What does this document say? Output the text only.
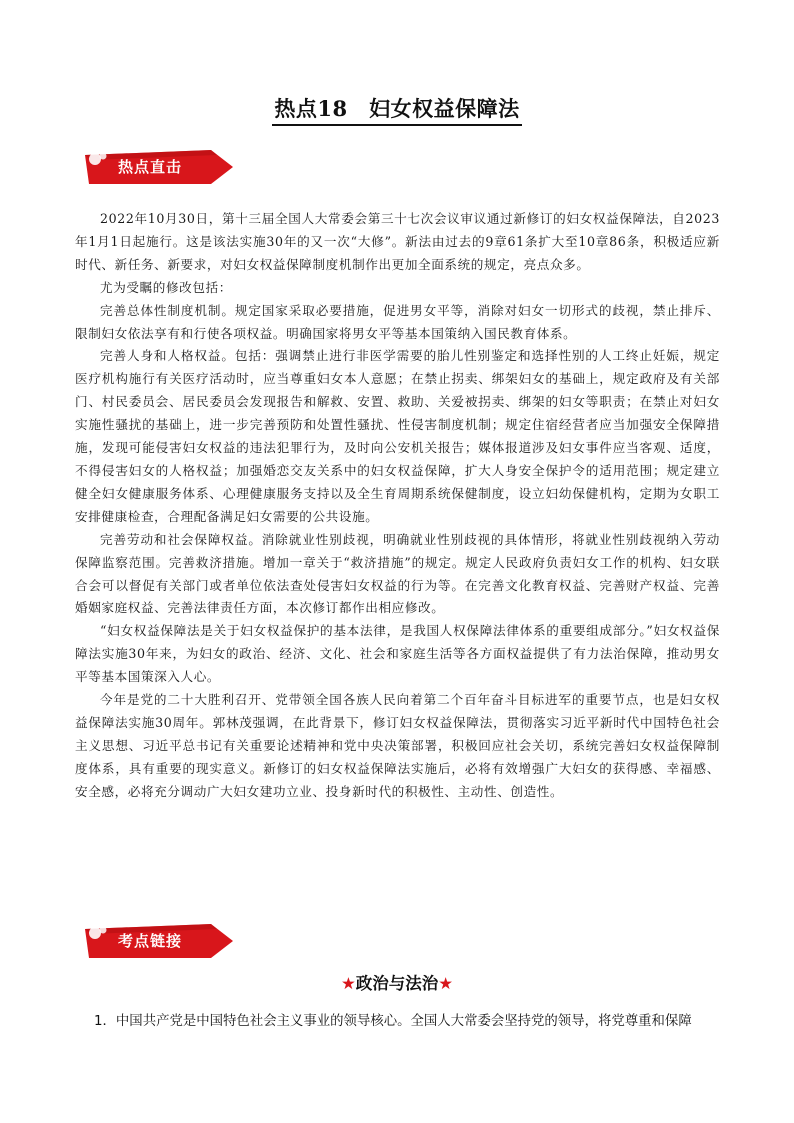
热点18　妇女权益保障法
热点直击

2022年10月30日，第十三届全国人大常委会第三十七次会议审议通过新修订的妇女权益保障法，自2023年1月1日起施行。这是该法实施30年的又一次“大修”。新法由过去的9章61条扩大至10章86条，积极适应新时代、新任务、新要求，对妇女权益保障制度机制作出更加全面系统的规定，亮点众多。

尤为受瞩的修改包括：

完善总体性制度机制。规定国家采取必要措施，促进男女平等，消除对妇女一切形式的歧视，禁止排斥、限制妇女依法享有和行使各项权益。明确国家将男女平等基本国策纳入国民教育体系。

完善人身和人格权益。包括：强调禁止进行非医学需要的胎儿性别鉴定和选择性别的人工终止妊娠，规定医疗机构施行有关医疗活动时，应当尊重妇女本人意愿；在禁止拐卖、绑架妇女的基础上，规定政府及有关部门、村民委员会、居民委员会发现报告和解救、安置、救助、关爱被拐卖、绑架的妇女等职责；在禁止对妇女实施性骚扰的基础上，进一步完善预防和处置性骚扰、性侵害制度机制；规定住宿经营者应当加强安全保障措施，发现可能侵害妇女权益的违法犯罪行为，及时向公安机关报告；媒体报道涉及妇女事件应当客观、适度，不得侵害妇女的人格权益；加强婚恋交友关系中的妇女权益保障，扩大人身安全保护令的适用范围；规定建立健全妇女健康服务体系、心理健康服务支持以及全生育周期系统保健制度，设立妇幼保健机构，定期为女职工安排健康检查，合理配备满足妇女需要的公共设施。

完善劳动和社会保障权益。消除就业性别歧视，明确就业性别歧视的具体情形，将就业性别歧视纳入劳动保障监察范围。完善救济措施。增加一章关于“救济措施”的规定。规定人民政府负责妇女工作的机构、妇女联合会可以督促有关部门或者单位依法查处侵害妇女权益的行为等。在完善文化教育权益、完善财产权益、完善婚姻家庭权益、完善法律责任方面，本次修订都作出相应修改。

“妇女权益保障法是关于妇女权益保护的基本法律，是我国人权保障法律体系的重要组成部分。”妇女权益保障法实施30年来，为妇女的政治、经济、文化、社会和家庭生活等各方面权益提供了有力法治保障，推动男女平等基本国策深入人心。

今年是党的二十大胜利召开、党带领全国各族人民向着第二个百年奋斗目标进军的重要节点，也是妇女权益保障法实施30周年。郭林茂强调，在此背景下，修订妇女权益保障法，贯彻落实习近平新时代中国特色社会主义思想、习近平总书记有关重要论述精神和党中央决策部署，积极回应社会关切，系统完善妇女权益保障制度体系，具有重要的现实意义。新修订的妇女权益保障法实施后，必将有效增强广大妇女的获得感、幸福感、安全感，必将充分调动广大妇女建功立业、投身新时代的积极性、主动性、创造性。

考点链接
★政治与法治★
1．中国共产党是中国特色社会主义事业的领导核心。全国人大常委会坚持党的领导，将党尊重和保障
